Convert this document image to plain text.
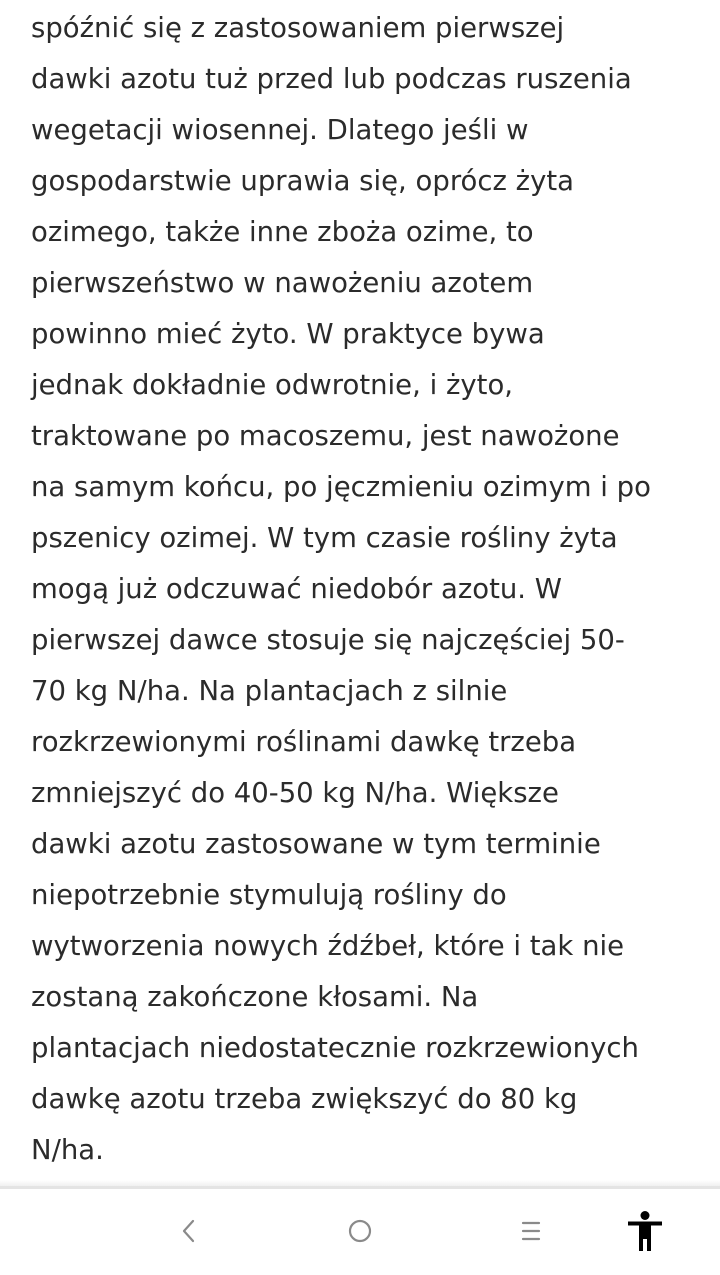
spóźnić się z zastosowaniem pierwszej
dawki azotu tuż przed lub podczas ruszenia
wegetacji wiosennej. Dlatego jeśli w
gospodarstwie uprawia się, oprócz żyta
ozimego, także inne zboża ozime, to
pierwszeństwo w nawożeniu azotem
powinno mieć żyto. W praktyce bywa
jednak dokładnie odwrotnie, i żyto,
traktowane po macoszemu, jest nawożone
na samym końcu, po jęczmieniu ozimym i po
pszenicy ozimej. W tym czasie rośliny żyta
mogą już odczuwać niedobór azotu. W
pierwszej dawce stosuje się najczęściej 50-
70 kg N/ha. Na plantacjach z silnie
rozkrzewionymi roślinami dawkę trzeba
zmniejszyć do 40-50 kg N/ha. Większe
dawki azotu zastosowane w tym terminie
niepotrzebnie stymulują rośliny do
wytworzenia nowych źdźbeł, które i tak nie
zostaną zakończone kłosami. Na
plantacjach niedostatecznie rozkrzewionych
dawkę azotu trzeba zwiększyć do 80 kg
N/ha.
